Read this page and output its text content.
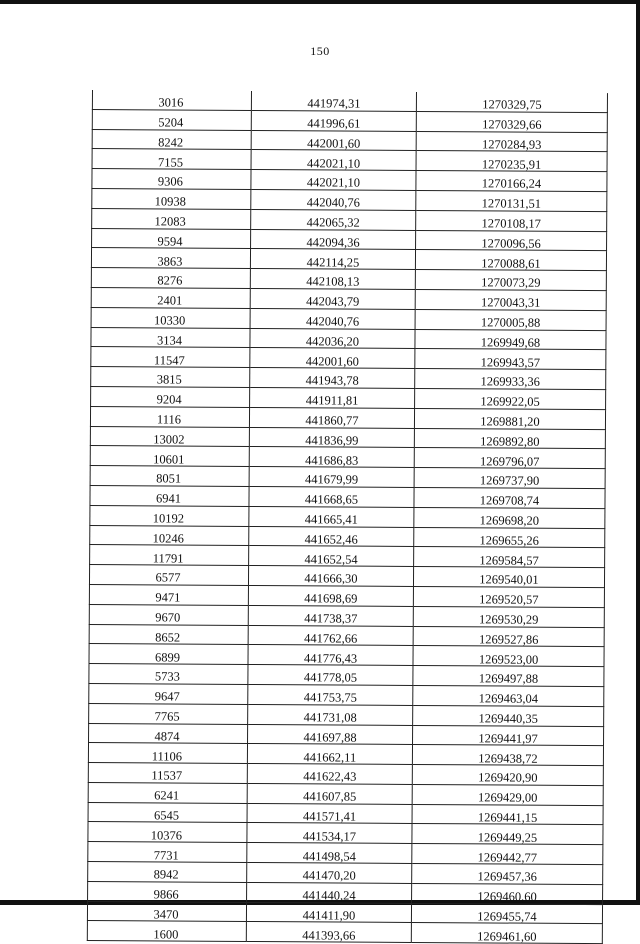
150
3016	441974,31	1270329,75
5204	441996,61	1270329,66
8242	442001,60	1270284,93
7155	442021,10	1270235,91
9306	442021,10	1270166,24
10938	442040,76	1270131,51
12083	442065,32	1270108,17
9594	442094,36	1270096,56
3863	442114,25	1270088,61
8276	442108,13	1270073,29
2401	442043,79	1270043,31
10330	442040,76	1270005,88
3134	442036,20	1269949,68
11547	442001,60	1269943,57
3815	441943,78	1269933,36
9204	441911,81	1269922,05
1116	441860,77	1269881,20
13002	441836,99	1269892,80
10601	441686,83	1269796,07
8051	441679,99	1269737,90
6941	441668,65	1269708,74
10192	441665,41	1269698,20
10246	441652,46	1269655,26
11791	441652,54	1269584,57
6577	441666,30	1269540,01
9471	441698,69	1269520,57
9670	441738,37	1269530,29
8652	441762,66	1269527,86
6899	441776,43	1269523,00
5733	441778,05	1269497,88
9647	441753,75	1269463,04
7765	441731,08	1269440,35
4874	441697,88	1269441,97
11106	441662,11	1269438,72
11537	441622,43	1269420,90
6241	441607,85	1269429,00
6545	441571,41	1269441,15
10376	441534,17	1269449,25
7731	441498,54	1269442,77
8942	441470,20	1269457,36
9866	441440,24	1269460,60
3470	441411,90	1269455,74
1600	441393,66	1269461,60
